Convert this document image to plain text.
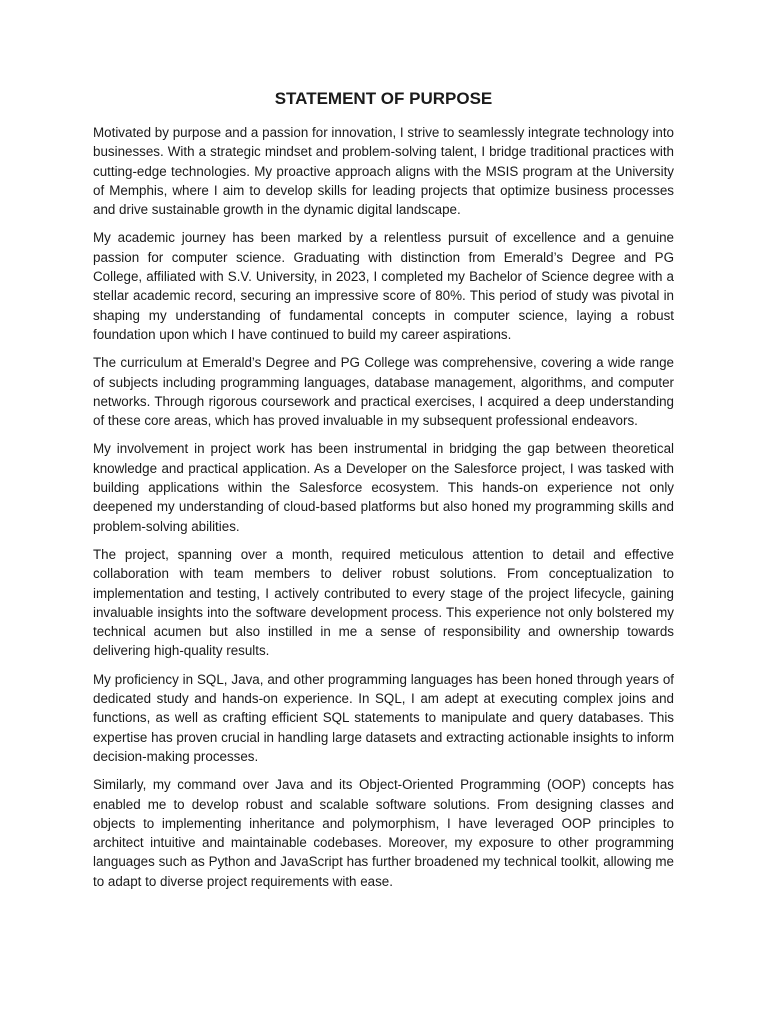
STATEMENT OF PURPOSE

Motivated by purpose and a passion for innovation, I strive to seamlessly integrate technology into businesses. With a strategic mindset and problem-solving talent, I bridge traditional practices with cutting-edge technologies. My proactive approach aligns with the MSIS program at the University of Memphis, where I aim to develop skills for leading projects that optimize business processes and drive sustainable growth in the dynamic digital landscape.

My academic journey has been marked by a relentless pursuit of excellence and a genuine passion for computer science. Graduating with distinction from Emerald’s Degree and PG College, affiliated with S.V. University, in 2023, I completed my Bachelor of Science degree with a stellar academic record, securing an impressive score of 80%. This period of study was pivotal in shaping my understanding of fundamental concepts in computer science, laying a robust foundation upon which I have continued to build my career aspirations.

The curriculum at Emerald’s Degree and PG College was comprehensive, covering a wide range of subjects including programming languages, database management, algorithms, and computer networks. Through rigorous coursework and practical exercises, I acquired a deep understanding of these core areas, which has proved invaluable in my subsequent professional endeavors.

My involvement in project work has been instrumental in bridging the gap between theoretical knowledge and practical application. As a Developer on the Salesforce project, I was tasked with building applications within the Salesforce ecosystem. This hands-on experience not only deepened my understanding of cloud-based platforms but also honed my programming skills and problem-solving abilities.

The project, spanning over a month, required meticulous attention to detail and effective collaboration with team members to deliver robust solutions. From conceptualization to implementation and testing, I actively contributed to every stage of the project lifecycle, gaining invaluable insights into the software development process. This experience not only bolstered my technical acumen but also instilled in me a sense of responsibility and ownership towards delivering high-quality results.

My proficiency in SQL, Java, and other programming languages has been honed through years of dedicated study and hands-on experience. In SQL, I am adept at executing complex joins and functions, as well as crafting efficient SQL statements to manipulate and query databases. This expertise has proven crucial in handling large datasets and extracting actionable insights to inform decision-making processes.

Similarly, my command over Java and its Object-Oriented Programming (OOP) concepts has enabled me to develop robust and scalable software solutions. From designing classes and objects to implementing inheritance and polymorphism, I have leveraged OOP principles to architect intuitive and maintainable codebases. Moreover, my exposure to other programming languages such as Python and JavaScript has further broadened my technical toolkit, allowing me to adapt to diverse project requirements with ease.
